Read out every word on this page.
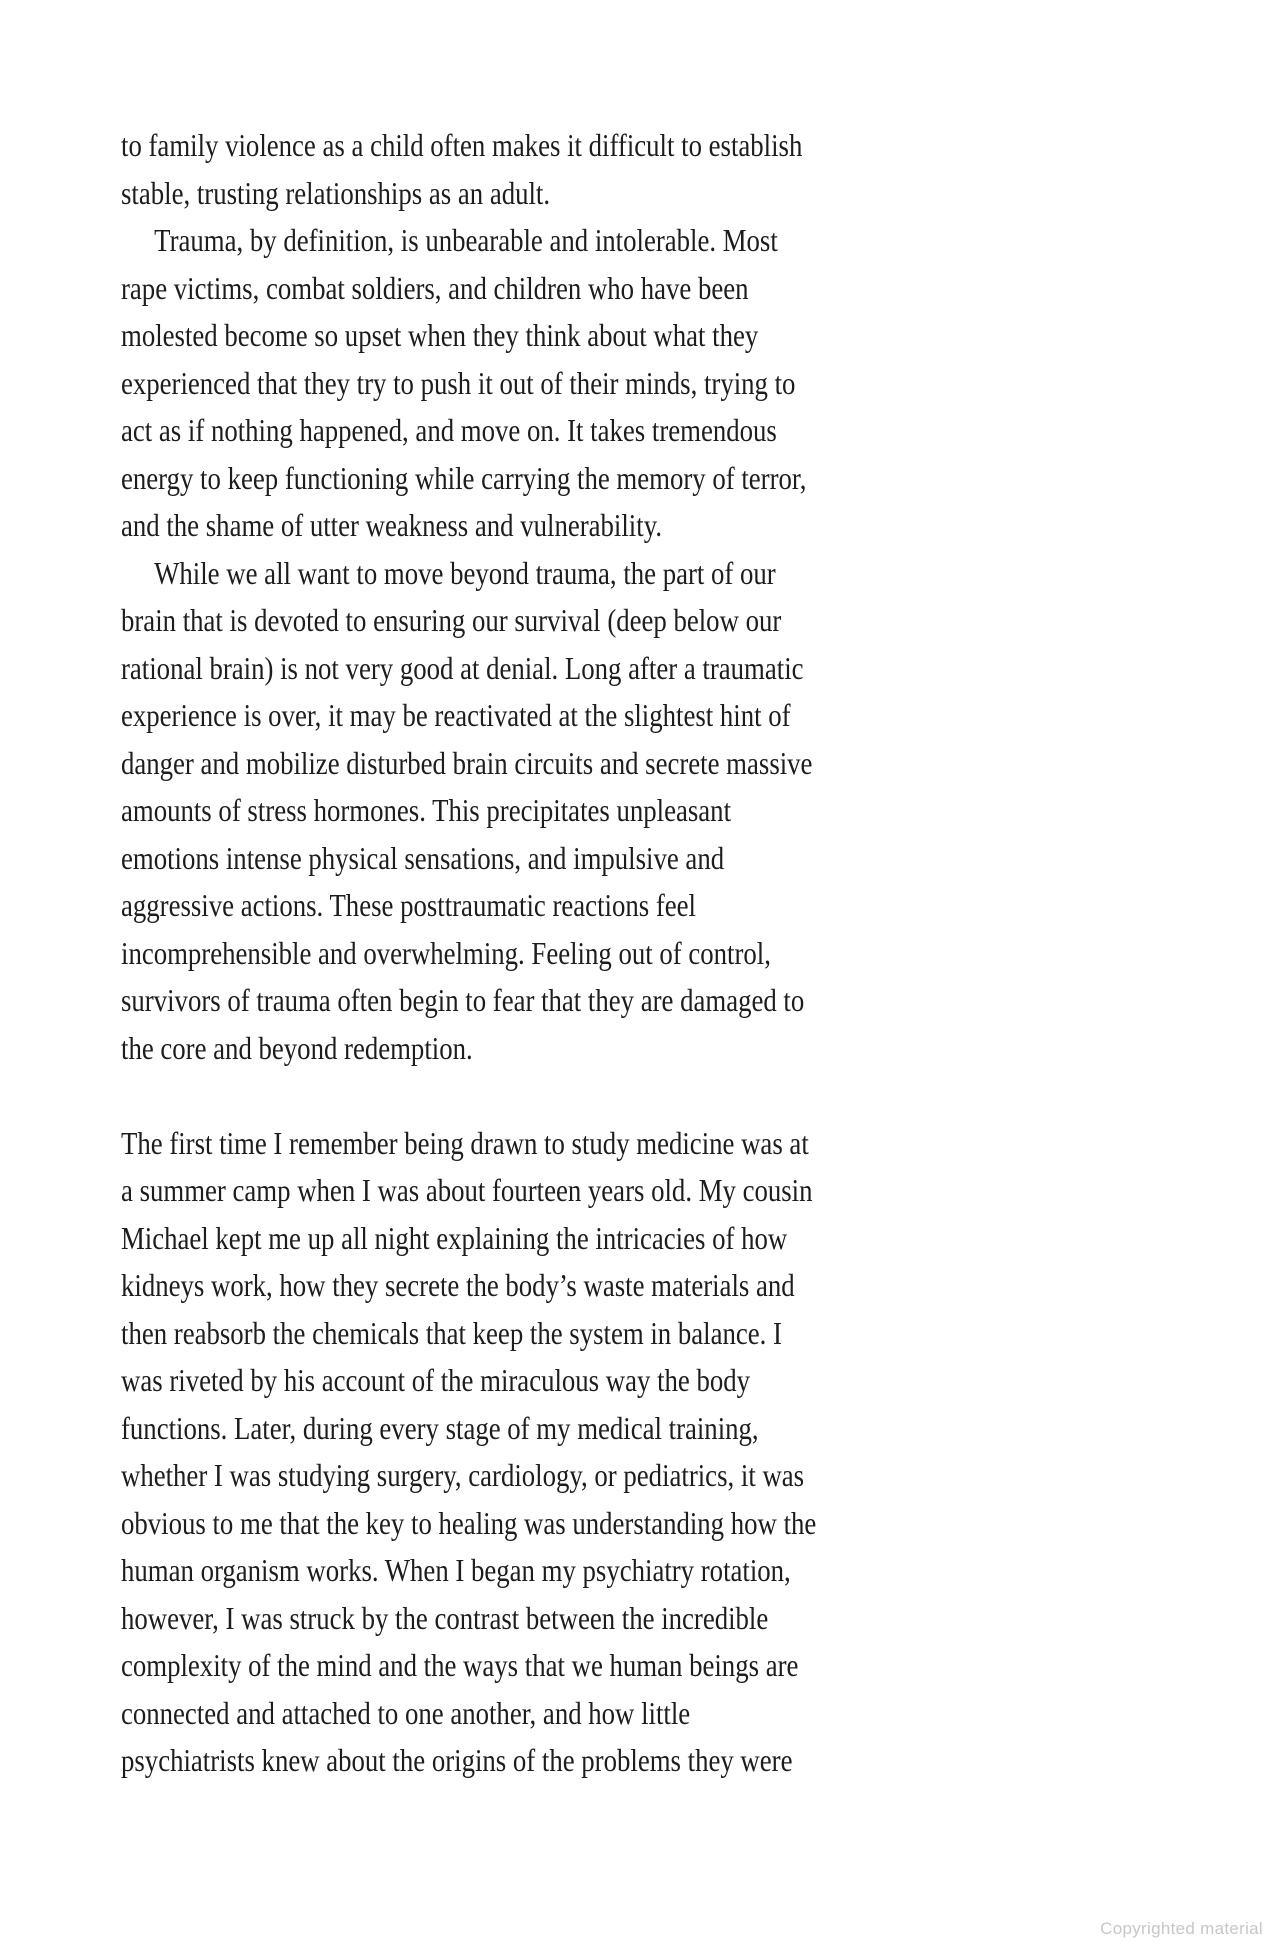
to family violence as a child often makes it difficult to establish
stable, trusting relationships as an adult.
Trauma, by definition, is unbearable and intolerable. Most
rape victims, combat soldiers, and children who have been
molested become so upset when they think about what they
experienced that they try to push it out of their minds, trying to
act as if nothing happened, and move on. It takes tremendous
energy to keep functioning while carrying the memory of terror,
and the shame of utter weakness and vulnerability.
While we all want to move beyond trauma, the part of our
brain that is devoted to ensuring our survival (deep below our
rational brain) is not very good at denial. Long after a traumatic
experience is over, it may be reactivated at the slightest hint of
danger and mobilize disturbed brain circuits and secrete massive
amounts of stress hormones. This precipitates unpleasant
emotions intense physical sensations, and impulsive and
aggressive actions. These posttraumatic reactions feel
incomprehensible and overwhelming. Feeling out of control,
survivors of trauma often begin to fear that they are damaged to
the core and beyond redemption.

The first time I remember being drawn to study medicine was at
a summer camp when I was about fourteen years old. My cousin
Michael kept me up all night explaining the intricacies of how
kidneys work, how they secrete the body’s waste materials and
then reabsorb the chemicals that keep the system in balance. I
was riveted by his account of the miraculous way the body
functions. Later, during every stage of my medical training,
whether I was studying surgery, cardiology, or pediatrics, it was
obvious to me that the key to healing was understanding how the
human organism works. When I began my psychiatry rotation,
however, I was struck by the contrast between the incredible
complexity of the mind and the ways that we human beings are
connected and attached to one another, and how little
psychiatrists knew about the origins of the problems they were
Copyrighted material
